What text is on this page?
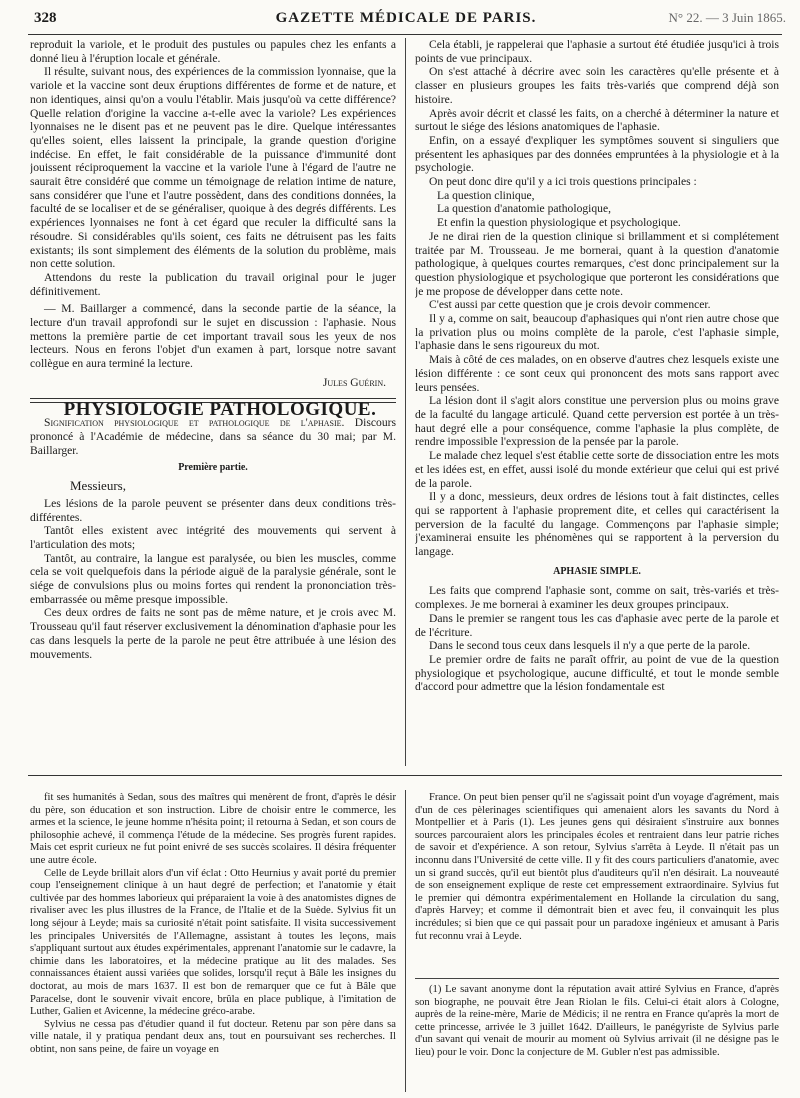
328	GAZETTE MÉDICALE DE PARIS.	N° 22. — 3 Juin 1865.

reproduit la variole, et le produit des pustules ou papules chez les enfants a donné lieu à l'éruption locale et générale.

Il résulte, suivant nous, des expériences de la commission lyonnaise, que la variole et la vaccine sont deux éruptions différentes de forme et de nature, et non identiques, ainsi qu'on a voulu l'établir. Mais jusqu'où va cette différence? Quelle relation d'origine la vaccine a-t-elle avec la variole? Les expériences lyonnaises ne le disent pas et ne peuvent pas le dire. Quelque intéressantes qu'elles soient, elles laissent la principale, la grande question d'origine indécise. En effet, le fait considérable de la puissance d'immunité dont jouissent réciproquement la vaccine et la variole l'une à l'égard de l'autre ne saurait être considéré que comme un témoignage de relation intime de nature, sans considérer que l'une et l'autre possèdent, dans des conditions données, la faculté de se localiser et de se généraliser, quoique à des degrés différents. Les expériences lyonnaises ne font à cet égard que reculer la difficulté sans la résoudre. Si considérables qu'ils soient, ces faits ne détruisent pas les faits existants; ils sont simplement des éléments de la solution du problème, mais non cette solution.

Attendons du reste la publication du travail original pour le juger définitivement.

— M. Baillarger a commencé, dans la seconde partie de la séance, la lecture d'un travail approfondi sur le sujet en discussion : l'aphasie. Nous mettons la première partie de cet important travail sous les yeux de nos lecteurs. Nous en ferons l'objet d'un examen à part, lorsque notre savant collègue en aura terminé la lecture.

Jules Guérin.

PHYSIOLOGIE PATHOLOGIQUE.

Signification physiologique et pathologique de l'aphasie. Discours prononcé à l'Académie de médecine, dans sa séance du 30 mai; par M. Baillarger.

Première partie.

Messieurs,

Les lésions de la parole peuvent se présenter dans deux conditions très-différentes.

Tantôt elles existent avec intégrité des mouvements qui servent à l'articulation des mots;

Tantôt, au contraire, la langue est paralysée, ou bien les muscles, comme cela se voit quelquefois dans la période aiguë de la paralysie générale, sont le siége de convulsions plus ou moins fortes qui rendent la prononciation très-embarrassée ou même presque impossible.

Ces deux ordres de faits ne sont pas de même nature, et je crois avec M. Trousseau qu'il faut réserver exclusivement la dénomination d'aphasie pour les cas dans lesquels la perte de la parole ne peut être attribuée à une lésion des mouvements.

Cela établi, je rappelerai que l'aphasie a surtout été étudiée jusqu'ici à trois points de vue principaux.

On s'est attaché à décrire avec soin les caractères qu'elle présente et à classer en plusieurs groupes les faits très-variés que comprend déjà son histoire.

Après avoir décrit et classé les faits, on a cherché à déterminer la nature et surtout le siége des lésions anatomiques de l'aphasie.

Enfin, on a essayé d'expliquer les symptômes souvent si singuliers que présentent les aphasiques par des données empruntées à la physiologie et à la psychologie.

On peut donc dire qu'il y a ici trois questions principales :

La question clinique,

La question d'anatomie pathologique,

Et enfin la question physiologique et psychologique.

Je ne dirai rien de la question clinique si brillamment et si complétement traitée par M. Trousseau. Je me bornerai, quant à la question d'anatomie pathologique, à quelques courtes remarques, c'est donc principalement sur la question physiologique et psychologique que porteront les considérations que je me propose de développer dans cette note.

C'est aussi par cette question que je crois devoir commencer.

Il y a, comme on sait, beaucoup d'aphasiques qui n'ont rien autre chose que la privation plus ou moins complète de la parole, c'est l'aphasie simple, l'aphasie dans le sens rigoureux du mot.

Mais à côté de ces malades, on en observe d'autres chez lesquels existe une lésion différente : ce sont ceux qui prononcent des mots sans rapport avec leurs pensées.

La lésion dont il s'agit alors constitue une perversion plus ou moins grave de la faculté du langage articulé. Quand cette perversion est portée à un très-haut degré elle a pour conséquence, comme l'aphasie la plus complète, de rendre impossible l'expression de la pensée par la parole.

Le malade chez lequel s'est établie cette sorte de dissociation entre les mots et les idées est, en effet, aussi isolé du monde extérieur que celui qui est privé de la parole.

Il y a donc, messieurs, deux ordres de lésions tout à fait distinctes, celles qui se rapportent à l'aphasie proprement dite, et celles qui caractérisent la perversion de la faculté du langage. Commençons par l'aphasie simple; j'examinerai ensuite les phénomènes qui se rapportent à la perversion du langage.

APHASIE SIMPLE.

Les faits que comprend l'aphasie sont, comme on sait, très-variés et très-complexes. Je me bornerai à examiner les deux groupes principaux.

Dans le premier se rangent tous les cas d'aphasie avec perte de la parole et de l'écriture.

Dans le second tous ceux dans lesquels il n'y a que perte de la parole.

Le premier ordre de faits ne paraît offrir, au point de vue de la question physiologique et psychologique, aucune difficulté, et tout le monde semble d'accord pour admettre que la lésion fondamentale est

fit ses humanités à Sedan, sous des maîtres qui menèrent de front, d'après le désir du père, son éducation et son instruction. Libre de choisir entre le commerce, les armes et la science, le jeune homme n'hésita point; il retourna à Sedan, et son cours de philosophie achevé, il commença l'étude de la médecine. Ses progrès furent rapides. Mais cet esprit curieux ne fut point enivré de ses succès scolaires. Il désira fréquenter une autre école.

Celle de Leyde brillait alors d'un vif éclat : Otto Heurnius y avait porté du premier coup l'enseignement clinique à un haut degré de perfection; et l'anatomie y était cultivée par des hommes laborieux qui préparaient la voie à des anatomistes dignes de rivaliser avec les plus illustres de la France, de l'Italie et de la Suède. Sylvius fit un long séjour à Leyde; mais sa curiosité n'était point satisfaite. Il visita successivement les principales Universités de l'Allemagne, assistant à toutes les leçons, mais s'appliquant surtout aux études expérimentales, apprenant l'anatomie sur le cadavre, la chimie dans les laboratoires, et la médecine pratique au lit des malades. Ses connaissances étaient aussi variées que solides, lorsqu'il reçut à Bâle les insignes du doctorat, au mois de mars 1637. Il est bon de remarquer que ce fut à Bâle que Paracelse, dont le souvenir vivait encore, brûla en place publique, à l'imitation de Luther, Galien et Avicenne, la médecine gréco-arabe.

Sylvius ne cessa pas d'étudier quand il fut docteur. Retenu par son père dans sa ville natale, il y pratiqua pendant deux ans, tout en poursuivant ses recherches. Il obtint, non sans peine, de faire un voyage en

France. On peut bien penser qu'il ne s'agissait point d'un voyage d'agrément, mais d'un de ces pèlerinages scientifiques qui amenaient alors les savants du Nord à Montpellier et à Paris (1). Les jeunes gens qui désiraient s'instruire aux bonnes sources parcouraient alors les principales écoles et rentraient dans leur patrie riches de savoir et d'expérience. A son retour, Sylvius s'arrêta à Leyde. Il n'était pas un inconnu dans l'Université de cette ville. Il y fit des cours particuliers d'anatomie, avec un si grand succès, qu'il eut bientôt plus d'auditeurs qu'il n'en désirait. La nouveauté de son enseignement explique de reste cet empressement extraordinaire. Sylvius fut le premier qui démontra expérimentalement en Hollande la circulation du sang, d'après Harvey; et comme il démontrait bien et avec feu, il convainquit les plus incrédules; si bien que ce qui passait pour un paradoxe ingénieux et amusant à Paris fut reconnu vrai à Leyde.

(1) Le savant anonyme dont la réputation avait attiré Sylvius en France, d'après son biographe, ne pouvait être Jean Riolan le fils. Celui-ci était alors à Cologne, auprès de la reine-mère, Marie de Médicis; il ne rentra en France qu'après la mort de cette princesse, arrivée le 3 juillet 1642. D'ailleurs, le panégyriste de Sylvius parle d'un savant qui venait de mourir au moment où Sylvius arrivait (il ne désigne pas le lieu) pour le voir. Donc la conjecture de M. Gubler n'est pas admissible.
